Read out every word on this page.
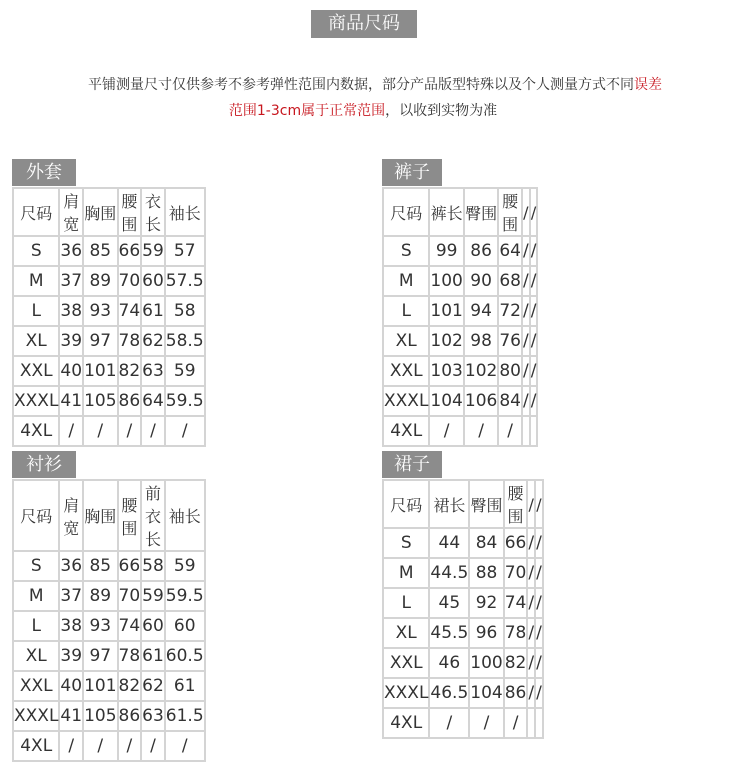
商品尺码
平铺测量尺寸仅供参考不参考弹性范围内数据，部分产品版型特殊以及个人测量方式不同误差
范围1-3cm属于正常范围，以收到实物为准
外套
尺码	肩宽	胸围	腰围	衣长	袖长
S	36	85	66	59	57
M	37	89	70	60	57.5
L	38	93	74	61	58
XL	39	97	78	62	58.5
XXL	40	101	82	63	59
XXXL	41	105	86	64	59.5
4XL	/	/	/	/	/
裤子
尺码	裤长	臀围	腰围	/	/
S	99	86	64	/	/
M	100	90	68	/	/
L	101	94	72	/	/
XL	102	98	76	/	/
XXL	103	102	80	/	/
XXXL	104	106	84	/	/
4XL	/	/	/		
衬衫
尺码	肩宽	胸围	腰围	前衣长	袖长
S	36	85	66	58	59
M	37	89	70	59	59.5
L	38	93	74	60	60
XL	39	97	78	61	60.5
XXL	40	101	82	62	61
XXXL	41	105	86	63	61.5
4XL	/	/	/	/	/
裙子
尺码	裙长	臀围	腰围	/	/
S	44	84	66	/	/
M	44.5	88	70	/	/
L	45	92	74	/	/
XL	45.5	96	78	/	/
XXL	46	100	82	/	/
XXXL	46.5	104	86	/	/
4XL	/	/	/		
